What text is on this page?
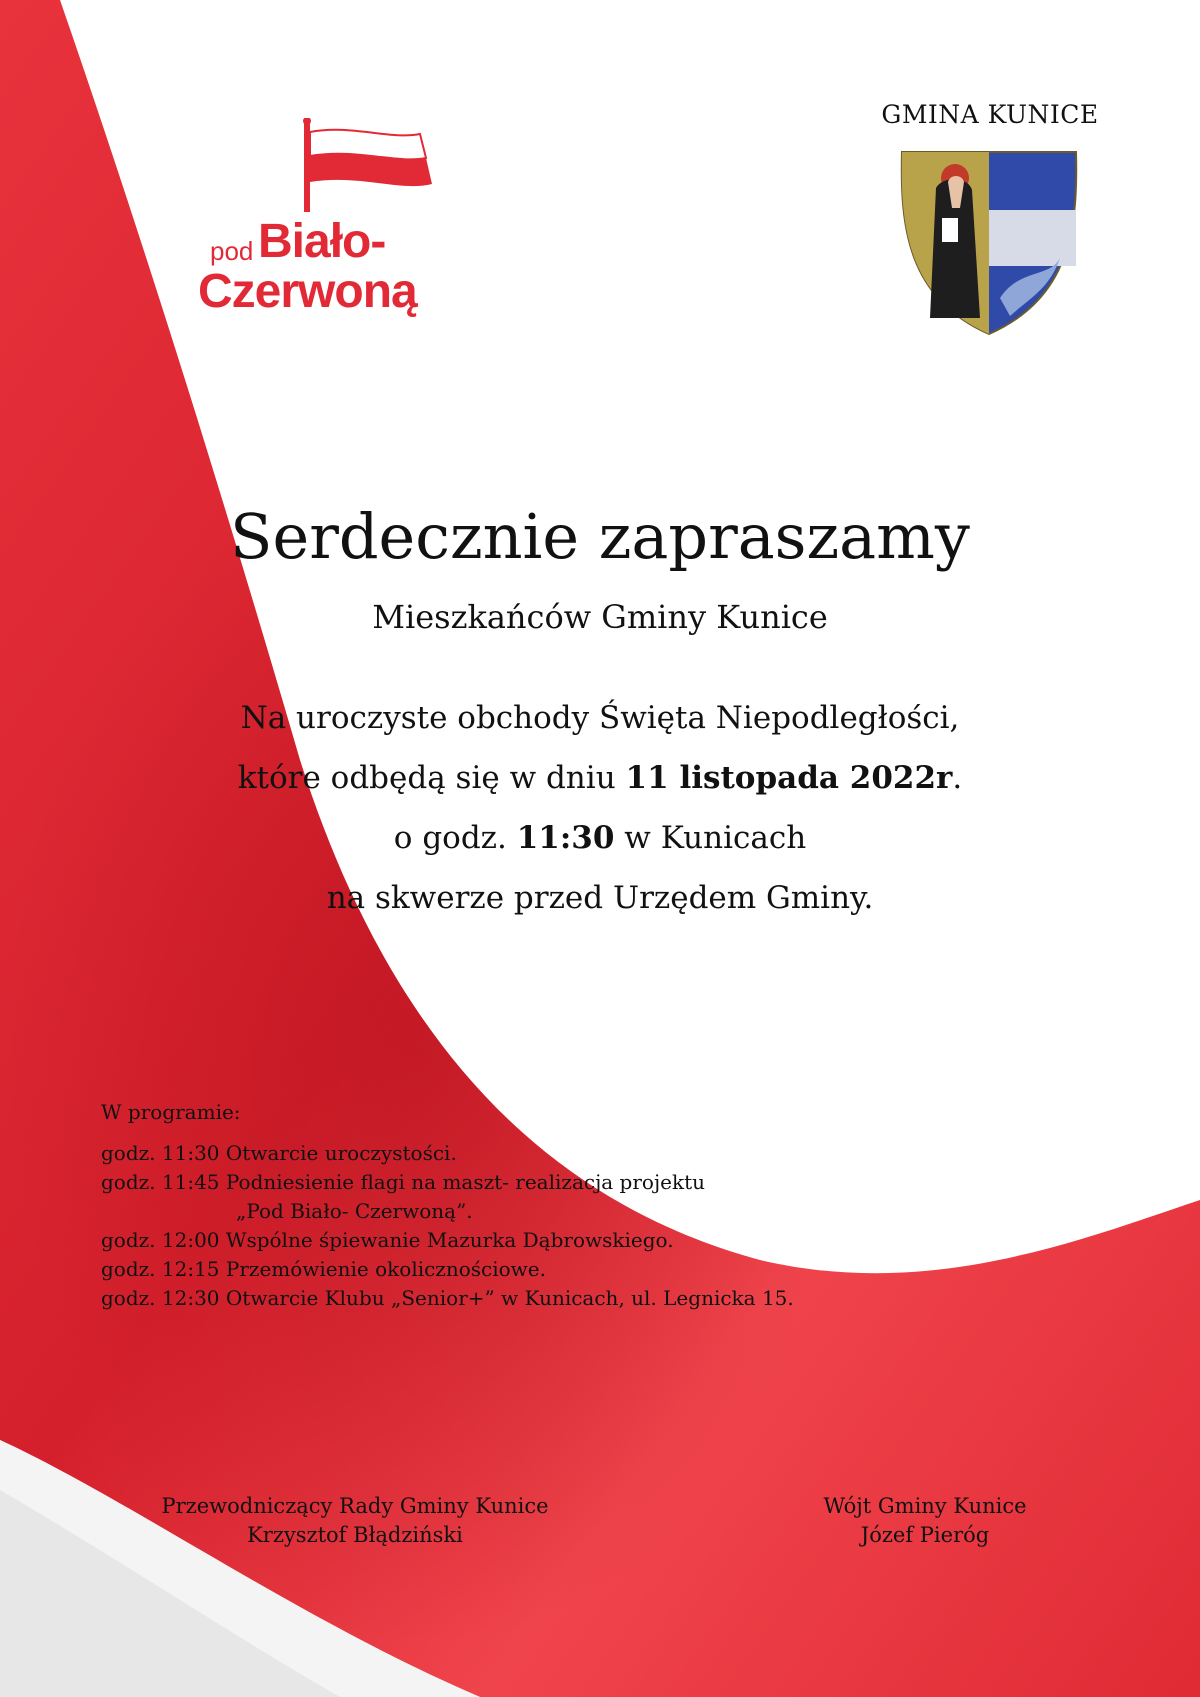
pod Biało-
Czerwoną
GMINA KUNICE
Serdecznie zapraszamy
Mieszkańców Gminy Kunice
Na uroczyste obchody Święta Niepodległości,
które odbędą się w dniu 11 listopada 2022r.
o godz. 11:30 w Kunicach
na skwerze przed Urzędem Gminy.
W programie:
godz. 11:30 Otwarcie uroczystości.
godz. 11:45 Podniesienie flagi na maszt- realizacja projektu
„Pod Biało- Czerwoną”.
godz. 12:00 Wspólne śpiewanie Mazurka Dąbrowskiego.
godz. 12:15 Przemówienie okolicznościowe.
godz. 12:30 Otwarcie Klubu „Senior+” w Kunicach, ul. Legnicka 15.
Przewodniczący Rady Gminy Kunice
Krzysztof Błądziński
Wójt Gminy Kunice
Józef Pieróg
